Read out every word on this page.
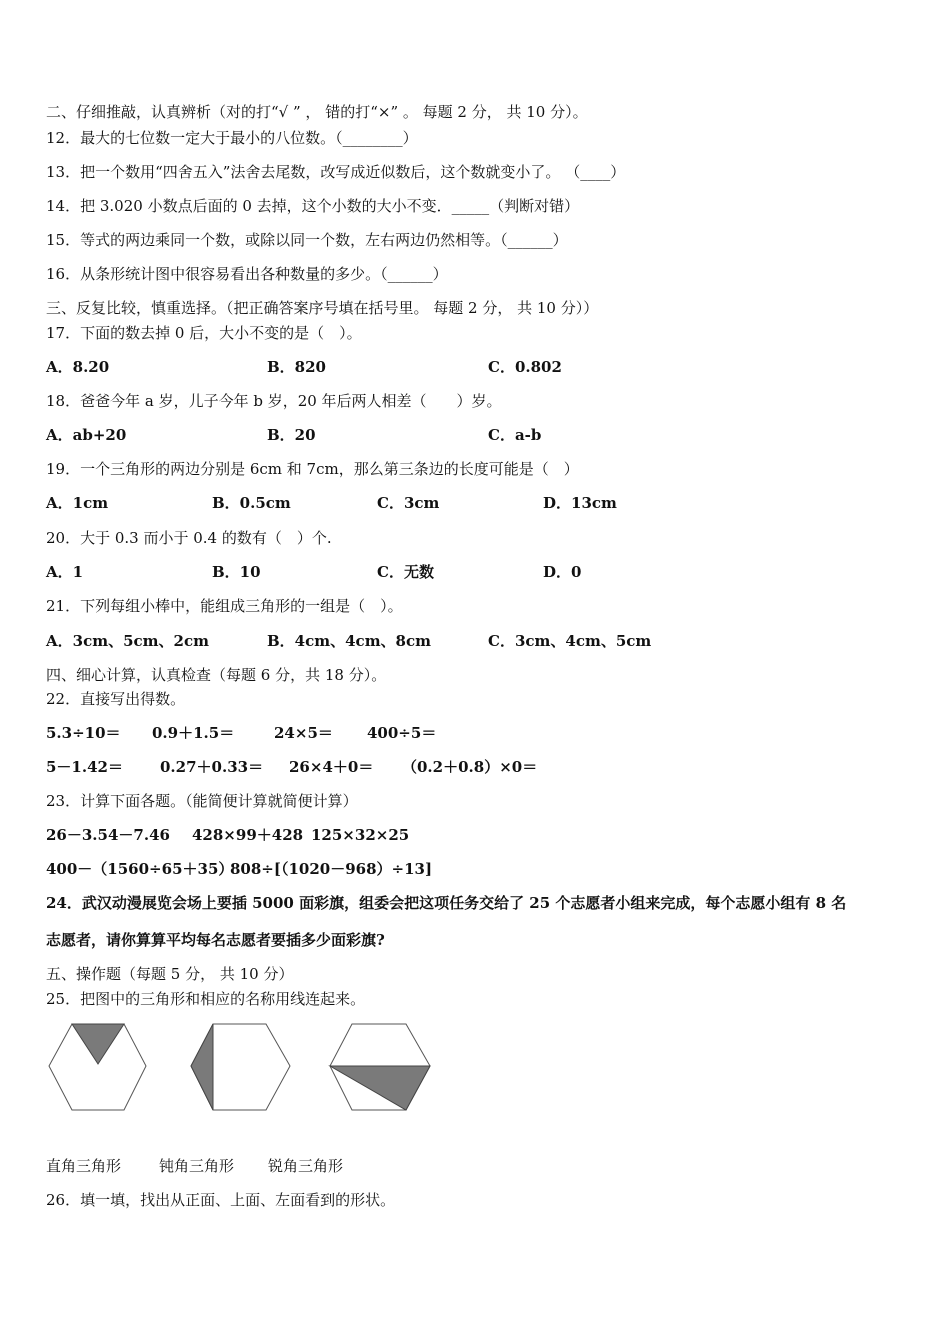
二、仔细推敲，认真辨析（对的打“√ ” ， 错的打“×” 。 每题 2 分， 共 10 分）。
12．最大的七位数一定大于最小的八位数。（________）
13．把一个数用“四舍五入”法舍去尾数，改写成近似数后，这个数就变小了。 （____）
14．把 3.020 小数点后面的 0 去掉，这个小数的大小不变．_____（判断对错）
15．等式的两边乘同一个数，或除以同一个数，左右两边仍然相等。（______）
16．从条形统计图中很容易看出各种数量的多少。（______）
三、反复比较，慎重选择。（把正确答案序号填在括号里。 每题 2 分， 共 10 分））
17．下面的数去掉 0 后，大小不变的是（　）。
A．8.20	B．820	C．0.802
18．爸爸今年 a 岁，儿子今年 b 岁，20 年后两人相差（　　）岁。
A．ab+20	B．20	C．a-b
19．一个三角形的两边分别是 6cm 和 7cm，那么第三条边的长度可能是（　）
A．1cm	B．0.5cm	C．3cm	D．13cm
20．大于 0.3 而小于 0.4 的数有（　）个.
A．1	B．10	C．无数	D．0
21．下列每组小棒中，能组成三角形的一组是（　）。
A．3cm、5cm、2cm	B．4cm、4cm、8cm	C．3cm、4cm、5cm
四、细心计算，认真检查（每题 6 分，共 18 分）。
22．直接写出得数。
5.3÷10＝ 0.9＋1.5＝	24×5＝ 400÷5＝
5－1.42＝ 0.27＋0.33＝ 26×4＋0＝ （0.2＋0.8）×0＝
23．计算下面各题。（能简便计算就简便计算）
26－3.54－7.46 428×99＋428 125×32×25
400－（1560÷65＋35）
808÷[（1020－968）÷13]
24．武汉动漫展览会场上要插 5000 面彩旗，组委会把这项任务交给了 25 个志愿者小组来完成，每个志愿小组有 8 名
志愿者，请你算算平均每名志愿者要插多少面彩旗?
五、操作题（每题 5 分， 共 10 分）
25．把图中的三角形和相应的名称用线连起来。
直角三角形	钝角三角形 锐角三角形
26．填一填，找出从正面、上面、左面看到的形状。
